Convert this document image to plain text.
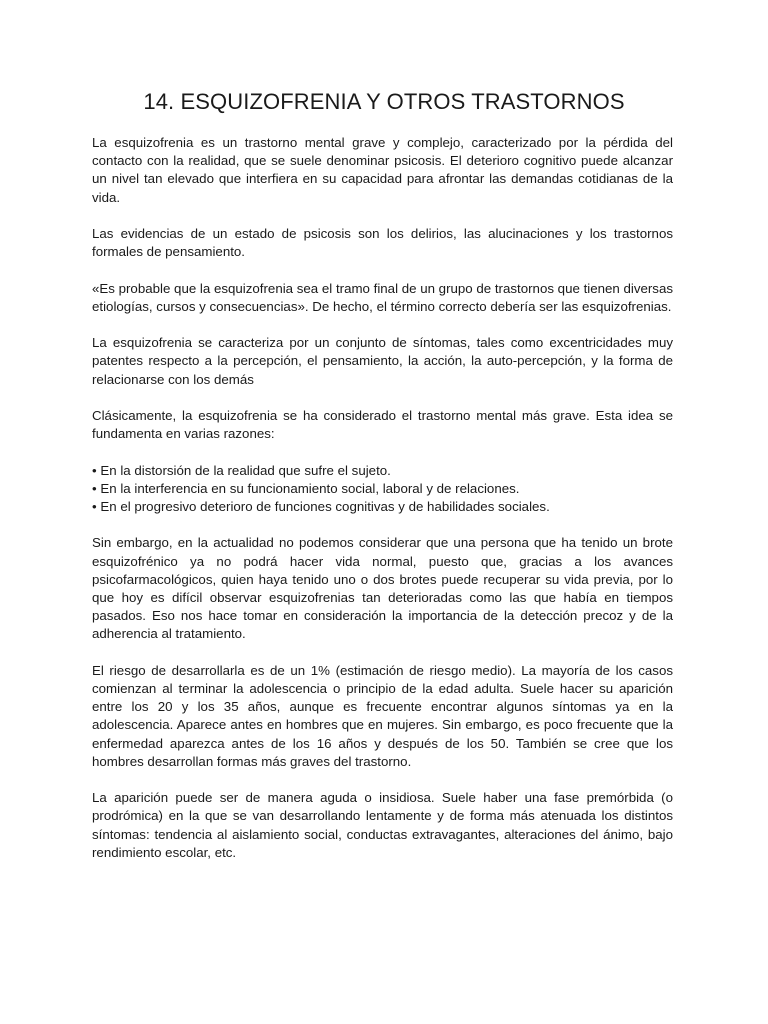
14. ESQUIZOFRENIA Y OTROS TRASTORNOS

La esquizofrenia es un trastorno mental grave y complejo, caracterizado por la pérdida del contacto con la realidad, que se suele denominar psicosis. El deterioro cognitivo puede alcanzar un nivel tan elevado que interfiera en su capacidad para afrontar las demandas cotidianas de la vida.

Las evidencias de un estado de psicosis son los delirios, las alucinaciones y los trastornos formales de pensamiento.

«Es probable que la esquizofrenia sea el tramo final de un grupo de trastornos que tienen diversas etiologías, cursos y consecuencias». De hecho, el término correcto debería ser las esquizofrenias.

La esquizofrenia se caracteriza por un conjunto de síntomas, tales como excentricidades muy patentes respecto a la percepción, el pensamiento, la acción, la auto-percepción, y la forma de relacionarse con los demás

Clásicamente, la esquizofrenia se ha considerado el trastorno mental más grave. Esta idea se fundamenta en varias razones:

• En la distorsión de la realidad que sufre el sujeto.
• En la interferencia en su funcionamiento social, laboral y de relaciones.
• En el progresivo deterioro de funciones cognitivas y de habilidades sociales.

Sin embargo, en la actualidad no podemos considerar que una persona que ha tenido un brote esquizofrénico ya no podrá hacer vida normal, puesto que, gracias a los avances psicofarmacológicos, quien haya tenido uno o dos brotes puede recuperar su vida previa, por lo que hoy es difícil observar esquizofrenias tan deterioradas como las que había en tiempos pasados. Eso nos hace tomar en consideración la importancia de la detección precoz y de la adherencia al tratamiento.

El riesgo de desarrollarla es de un 1% (estimación de riesgo medio). La mayoría de los casos comienzan al terminar la adolescencia o principio de la edad adulta. Suele hacer su aparición entre los 20 y los 35 años, aunque es frecuente encontrar algunos síntomas ya en la adolescencia. Aparece antes en hombres que en mujeres. Sin embargo, es poco frecuente que la enfermedad aparezca antes de los 16 años y después de los 50. También se cree que los hombres desarrollan formas más graves del trastorno.

La aparición puede ser de manera aguda o insidiosa. Suele haber una fase premórbida (o prodrómica) en la que se van desarrollando lentamente y de forma más atenuada los distintos síntomas: tendencia al aislamiento social, conductas extravagantes, alteraciones del ánimo, bajo rendimiento escolar, etc.
